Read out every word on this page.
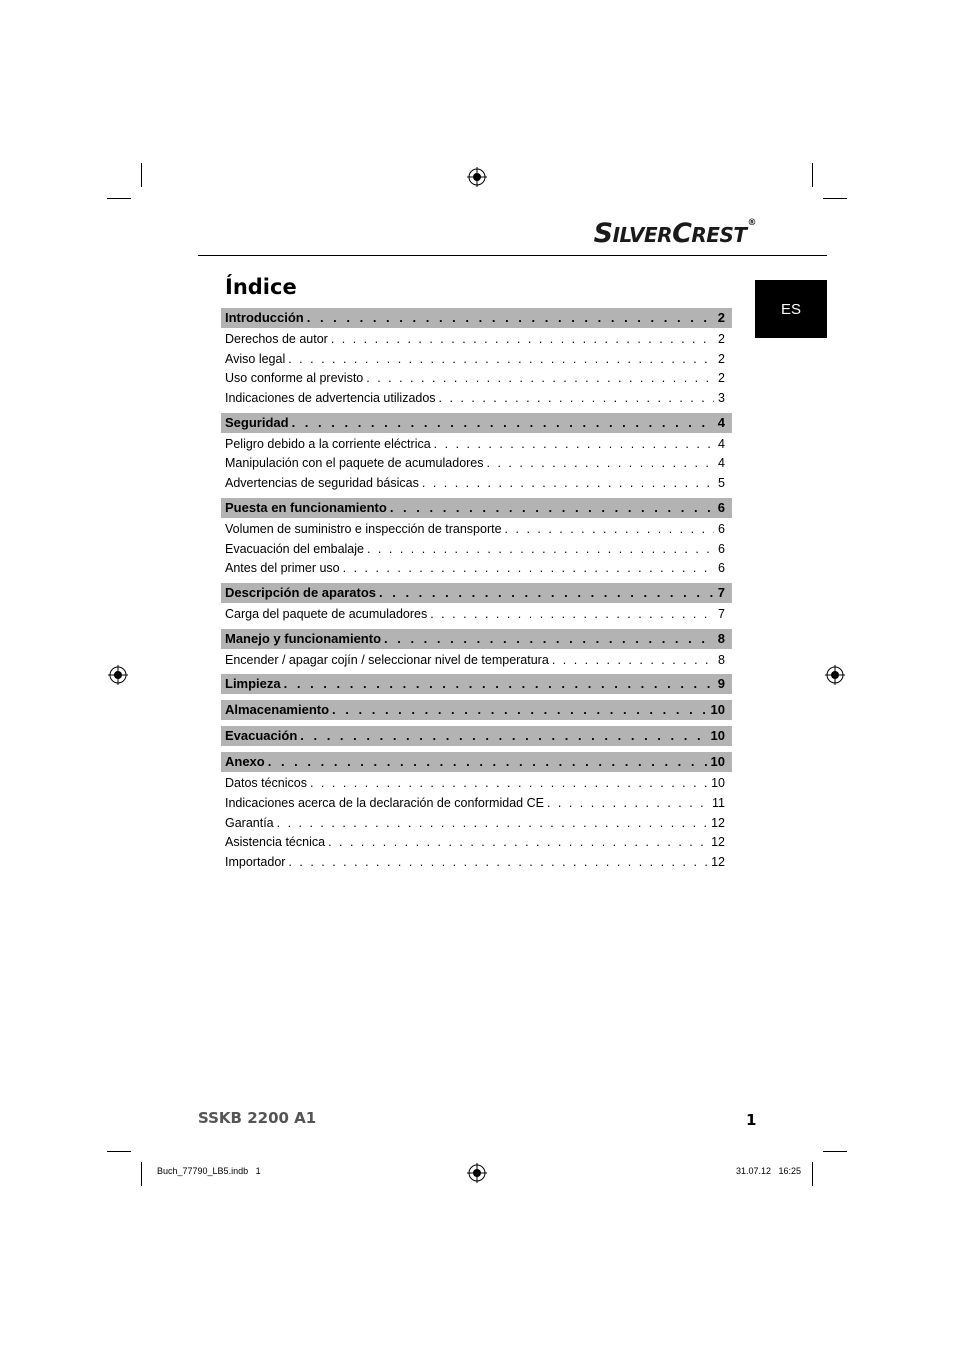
SILVERCREST®
ES
Índice
Introducción . . .	2
Derechos de autor . . .	2
Aviso legal . . .	2
Uso conforme al previsto . . .	2
Indicaciones de advertencia utilizados . . .	3
Seguridad . . .	4
Peligro debido a la corriente eléctrica . . .	4
Manipulación con el paquete de acumuladores . . .	4
Advertencias de seguridad básicas . . .	5
Puesta en funcionamiento . . .	6
Volumen de suministro e inspección de transporte . . .	6
Evacuación del embalaje . . .	6
Antes del primer uso . . .	6
Descripción de aparatos . . .	7
Carga del paquete de acumuladores . . .	7
Manejo y funcionamiento . . .	8
Encender / apagar cojín / seleccionar nivel de temperatura . . .	8
Limpieza . . .	9
Almacenamiento . . .	10
Evacuación . . .	10
Anexo . . .	10
Datos técnicos . . .	10
Indicaciones acerca de la declaración de conformidad CE . . .	11
Garantía . . .	12
Asistencia técnica . . .	12
Importador . . .	12
SSKB 2200 A1	1
Buch_77790_LB5.indb   1	31.07.12   16:25
